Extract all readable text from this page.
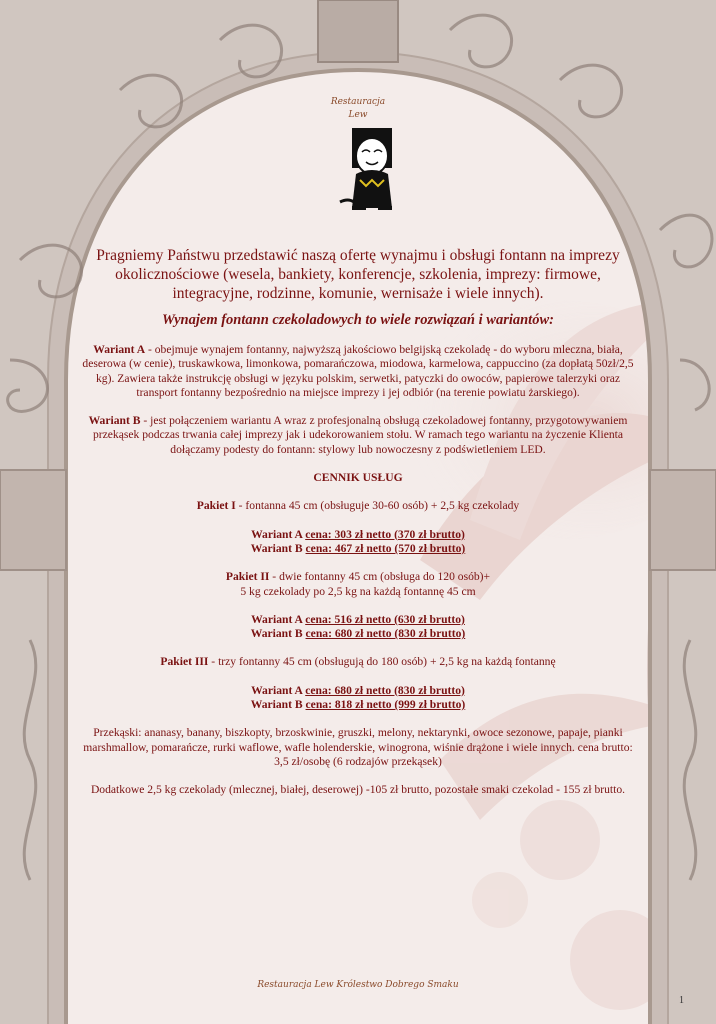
Restauracja
Lew
Pragniemy Państwu przedstawić naszą ofertę wynajmu i obsługi fontann na imprezy okolicznościowe (wesela, bankiety, konferencje, szkolenia, imprezy: firmowe, integracyjne, rodzinne, komunie, wernisaże i wiele innych).
Wynajem fontann czekoladowych to wiele rozwiązań i wariantów:

Wariant A - obejmuje wynajem fontanny, najwyższą jakościowo belgijską czekoladę - do wyboru mleczna, biała, deserowa (w cenie), truskawkowa, limonkowa, pomarańczowa, miodowa, karmelowa, cappuccino (za dopłatą 50zł/2,5 kg). Zawiera także instrukcję obsługi w języku polskim, serwetki, patyczki do owoców, papierowe talerzyki oraz transport fontanny bezpośrednio na miejsce imprezy i jej odbiór (na terenie powiatu żarskiego).

Wariant B - jest połączeniem wariantu A wraz z profesjonalną obsługą czekoladowej fontanny, przygotowywaniem przekąsek podczas trwania całej imprezy jak i udekorowaniem stołu. W ramach tego wariantu na życzenie Klienta dołączamy podesty do fontann: stylowy lub nowoczesny z podświetleniem LED.

CENNIK USŁUG

Pakiet I - fontanna 45 cm (obsługuje 30-60 osób) + 2,5 kg czekolady

Wariant A cena: 303 zł netto (370 zł brutto)

Wariant B cena: 467 zł netto (570 zł brutto)

Pakiet II - dwie fontanny 45 cm (obsługa do 120 osób)+

5 kg czekolady po 2,5 kg na każdą fontannę 45 cm

Wariant A cena: 516 zł netto (630 zł brutto)

Wariant B cena: 680 zł netto (830 zł brutto)

Pakiet III - trzy fontanny 45 cm (obsługują do 180 osób) + 2,5 kg na każdą fontannę

Wariant A cena: 680 zł netto (830 zł brutto)

Wariant B cena: 818 zł netto (999 zł brutto)

Przekąski: ananasy, banany, biszkopty, brzoskwinie, gruszki, melony, nektarynki, owoce sezonowe, papaje, pianki marshmallow, pomarańcze, rurki waflowe, wafle holenderskie, winogrona, wiśnie drążone i wiele innych. cena brutto: 3,5 zł/osobę (6 rodzajów przekąsek)

Dodatkowe 2,5 kg czekolady (mlecznej, białej, deserowej) -105 zł brutto, pozostałe smaki czekolad - 155 zł brutto.

Restauracja Lew Królestwo Dobrego Smaku
1
